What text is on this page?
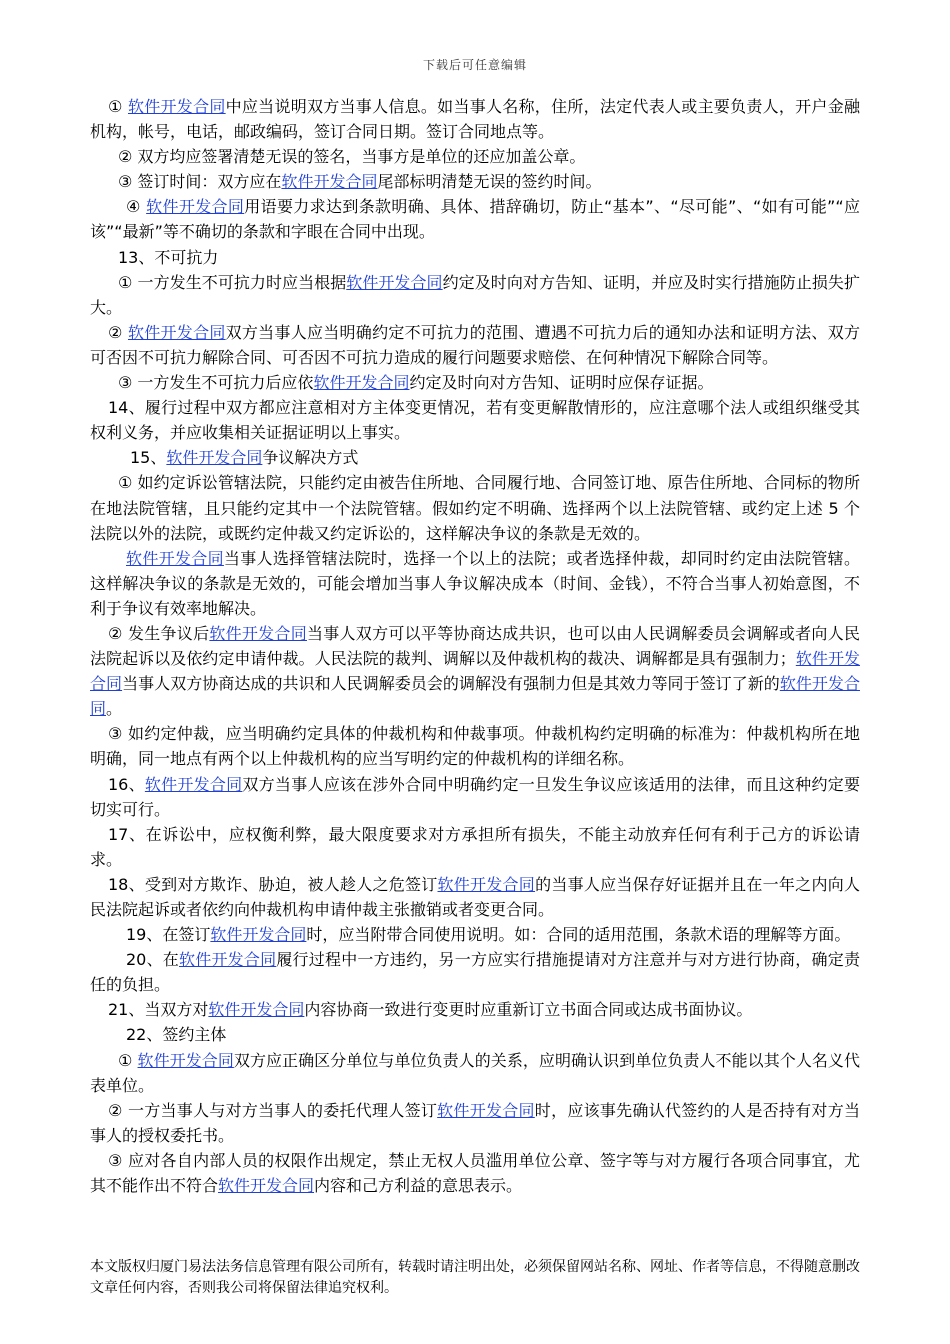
下载后可任意编辑

① 软件开发合同中应当说明双方当事人信息。如当事人名称，住所，法定代表人或主要负责人，开户金融机构，帐号，电话，邮政编码，签订合同日期。签订合同地点等。

② 双方均应签署清楚无误的签名，当事方是单位的还应加盖公章。

③ 签订时间：双方应在软件开发合同尾部标明清楚无误的签约时间。

④ 软件开发合同用语要力求达到条款明确、具体、措辞确切，防止“基本”、“尽可能”、“如有可能”“应该”“最新”等不确切的条款和字眼在合同中出现。

13、不可抗力

① 一方发生不可抗力时应当根据软件开发合同约定及时向对方告知、证明，并应及时实行措施防止损失扩大。

② 软件开发合同双方当事人应当明确约定不可抗力的范围、遭遇不可抗力后的通知办法和证明方法、双方可否因不可抗力解除合同、可否因不可抗力造成的履行问题要求赔偿、在何种情况下解除合同等。

③ 一方发生不可抗力后应依软件开发合同约定及时向对方告知、证明时应保存证据。

14、履行过程中双方都应注意相对方主体变更情况，若有变更解散情形的，应注意哪个法人或组织继受其权利义务，并应收集相关证据证明以上事实。

15、软件开发合同争议解决方式

① 如约定诉讼管辖法院，只能约定由被告住所地、合同履行地、合同签订地、原告住所地、合同标的物所在地法院管辖，且只能约定其中一个法院管辖。假如约定不明确、选择两个以上法院管辖、或约定上述 5 个法院以外的法院，或既约定仲裁又约定诉讼的，这样解决争议的条款是无效的。

软件开发合同当事人选择管辖法院时，选择一个以上的法院；或者选择仲裁，却同时约定由法院管辖。 这样解决争议的条款是无效的，可能会增加当事人争议解决成本（时间、金钱），不符合当事人初始意图，不利于争议有效率地解决。

② 发生争议后软件开发合同当事人双方可以平等协商达成共识，也可以由人民调解委员会调解或者向人民法院起诉以及依约定申请仲裁。人民法院的裁判、调解以及仲裁机构的裁决、调解都是具有强制力；软件开发合同当事人双方协商达成的共识和人民调解委员会的调解没有强制力但是其效力等同于签订了新的软件开发合同。

③ 如约定仲裁，应当明确约定具体的仲裁机构和仲裁事项。仲裁机构约定明确的标准为：仲裁机构所在地明确，同一地点有两个以上仲裁机构的应当写明约定的仲裁机构的详细名称。

16、软件开发合同双方当事人应该在涉外合同中明确约定一旦发生争议应该适用的法律，而且这种约定要切实可行。

17、在诉讼中，应权衡利弊，最大限度要求对方承担所有损失，不能主动放弃任何有利于己方的诉讼请求。

18、受到对方欺诈、胁迫，被人趁人之危签订软件开发合同的当事人应当保存好证据并且在一年之内向人民法院起诉或者依约向仲裁机构申请仲裁主张撤销或者变更合同。

19、在签订软件开发合同时，应当附带合同使用说明。如：合同的适用范围，条款术语的理解等方面。

20、在软件开发合同履行过程中一方违约，另一方应实行措施提请对方注意并与对方进行协商，确定责任的负担。

21、当双方对软件开发合同内容协商一致进行变更时应重新订立书面合同或达成书面协议。

22、签约主体

① 软件开发合同双方应正确区分单位与单位负责人的关系，应明确认识到单位负责人不能以其个人名义代表单位。

② 一方当事人与对方当事人的委托代理人签订软件开发合同时，应该事先确认代签约的人是否持有对方当事人的授权委托书。

③ 应对各自内部人员的权限作出规定，禁止无权人员滥用单位公章、签字等与对方履行各项合同事宜，尤其不能作出不符合软件开发合同内容和己方利益的意思表示。

本文版权归厦门易法法务信息管理有限公司所有，转载时请注明出处，必须保留网站名称、网址、作者等信息，不得随意删改文章任何内容，否则我公司将保留法律追究权利。
